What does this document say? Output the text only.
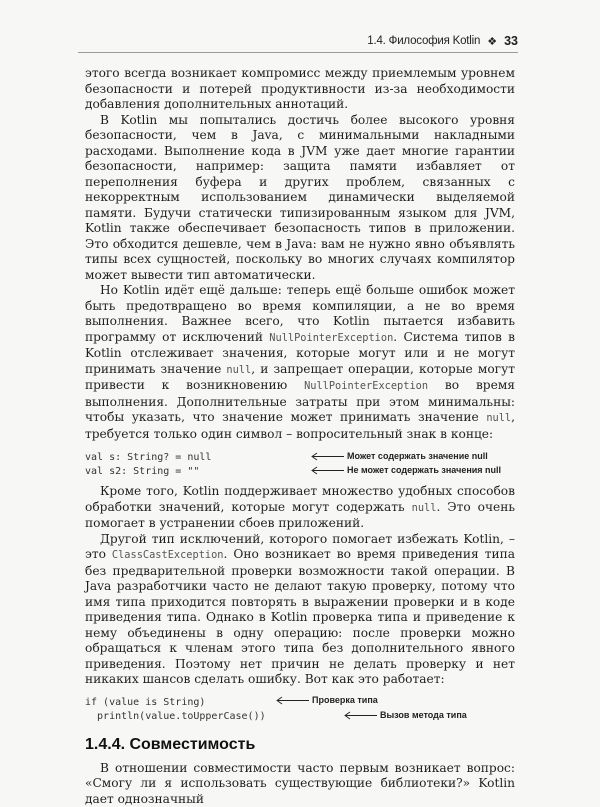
1.4. Философия Kotlin ❖ 33

этого всегда возникает компромисс между приемлемым уровнем безопасности и потерей продуктивности из-за необходимости добавления дополнительных аннотаций.

В Kotlin мы попытались достичь более высокого уровня безопасности, чем в Java, с минимальными накладными расходами. Выполнение кода в JVM уже дает многие гарантии безопасности, например: защита памяти избавляет от переполнения буфера и других проблем, связанных с некорректным использованием динамически выделяемой памяти. Будучи статически типизированным языком для JVM, Kotlin также обеспечивает безопасность типов в приложении. Это обходится дешевле, чем в Java: вам не нужно явно объявлять типы всех сущностей, поскольку во многих случаях компилятор может вывести тип автоматически.

Но Kotlin идёт ещё дальше: теперь ещё больше ошибок может быть предотвращено во время компиляции, а не во время выполнения. Важнее всего, что Kotlin пытается избавить программу от исключений NullPointerException. Система типов в Kotlin отслеживает значения, которые могут или и не могут принимать значение null, и запрещает операции, которые могут привести к возникновению NullPointerException во время выполнения. Дополнительные затраты при этом минимальны: чтобы указать, что значение может принимать значение null, требуется только один символ – вопросительный знак в конце:

val s: String? = null
val s2: String = ""
Может содержать значение null
Не может содержать значения null

Кроме того, Kotlin поддерживает множество удобных способов обработки значений, которые могут содержать null. Это очень помогает в устранении сбоев приложений.

Другой тип исключений, которого помогает избежать Kotlin, – это ClassCastException. Оно возникает во время приведения типа без предварительной проверки возможности такой операции. В Java разработчики часто не делают такую проверку, потому что имя типа приходится повторять в выражении проверки и в коде приведения типа. Однако в Kotlin проверка типа и приведение к нему объединены в одну операцию: после проверки можно обращаться к членам этого типа без дополнительного явного приведения. Поэтому нет причин не делать проверку и нет никаких шансов сделать ошибку. Вот как это работает:

if (value is String)
println(value.toUpperCase())
Проверка типа
Вызов метода типа
1.4.4. Совместимость

В отношении совместимости часто первым возникает вопрос: «Смогу ли я использовать существующие библиотеки?» Kotlin дает однозначный
